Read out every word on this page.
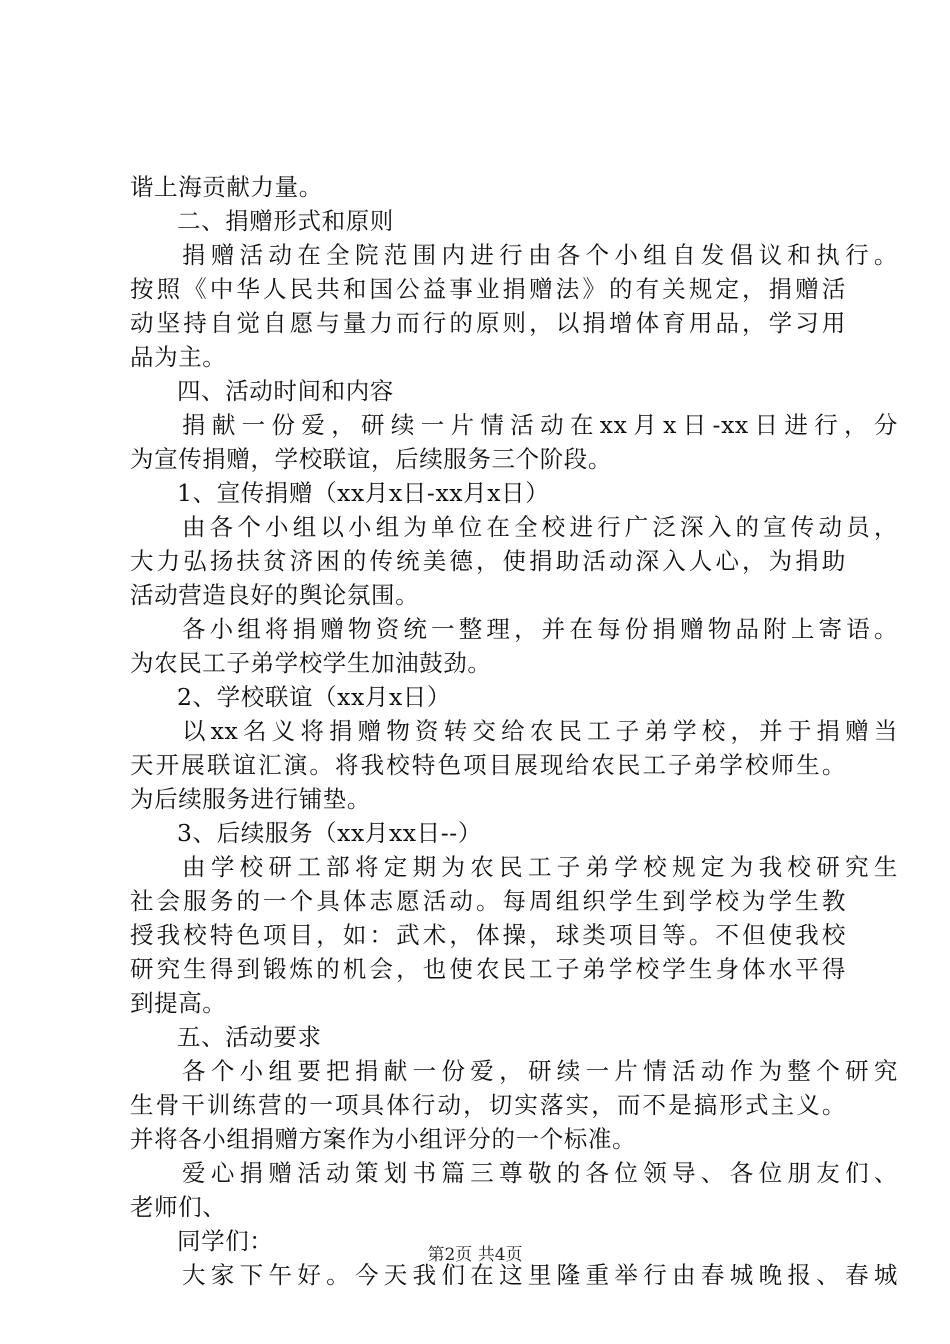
谐上海贡献力量。
二、捐赠形式和原则
捐赠活动在全院范围内进行由各个小组自发倡议和执行。
按照《中华人民共和国公益事业捐赠法》的有关规定，捐赠活
动坚持自觉自愿与量力而行的原则，以捐增体育用品，学习用
品为主。
四、活动时间和内容
捐献一份爱，研续一片情活动在xx月x日-xx日进行，分
为宣传捐赠，学校联谊，后续服务三个阶段。
1、宣传捐赠（xx月x日-xx月x日）
由各个小组以小组为单位在全校进行广泛深入的宣传动员，
大力弘扬扶贫济困的传统美德，使捐助活动深入人心，为捐助
活动营造良好的舆论氛围。
各小组将捐赠物资统一整理，并在每份捐赠物品附上寄语。
为农民工子弟学校学生加油鼓劲。
2、学校联谊（xx月x日）
以xx名义将捐赠物资转交给农民工子弟学校，并于捐赠当
天开展联谊汇演。将我校特色项目展现给农民工子弟学校师生。
为后续服务进行铺垫。
3、后续服务（xx月xx日--）
由学校研工部将定期为农民工子弟学校规定为我校研究生
社会服务的一个具体志愿活动。每周组织学生到学校为学生教
授我校特色项目，如：武术，体操，球类项目等。不但使我校
研究生得到锻炼的机会，也使农民工子弟学校学生身体水平得
到提高。
五、活动要求
各个小组要把捐献一份爱，研续一片情活动作为整个研究
生骨干训练营的一项具体行动，切实落实，而不是搞形式主义。
并将各小组捐赠方案作为小组评分的一个标准。
爱心捐赠活动策划书篇三尊敬的各位领导、各位朋友们、
老师们、
同学们：
大家下午好。今天我们在这里隆重举行由春城晚报、春城
第2页 共4页
